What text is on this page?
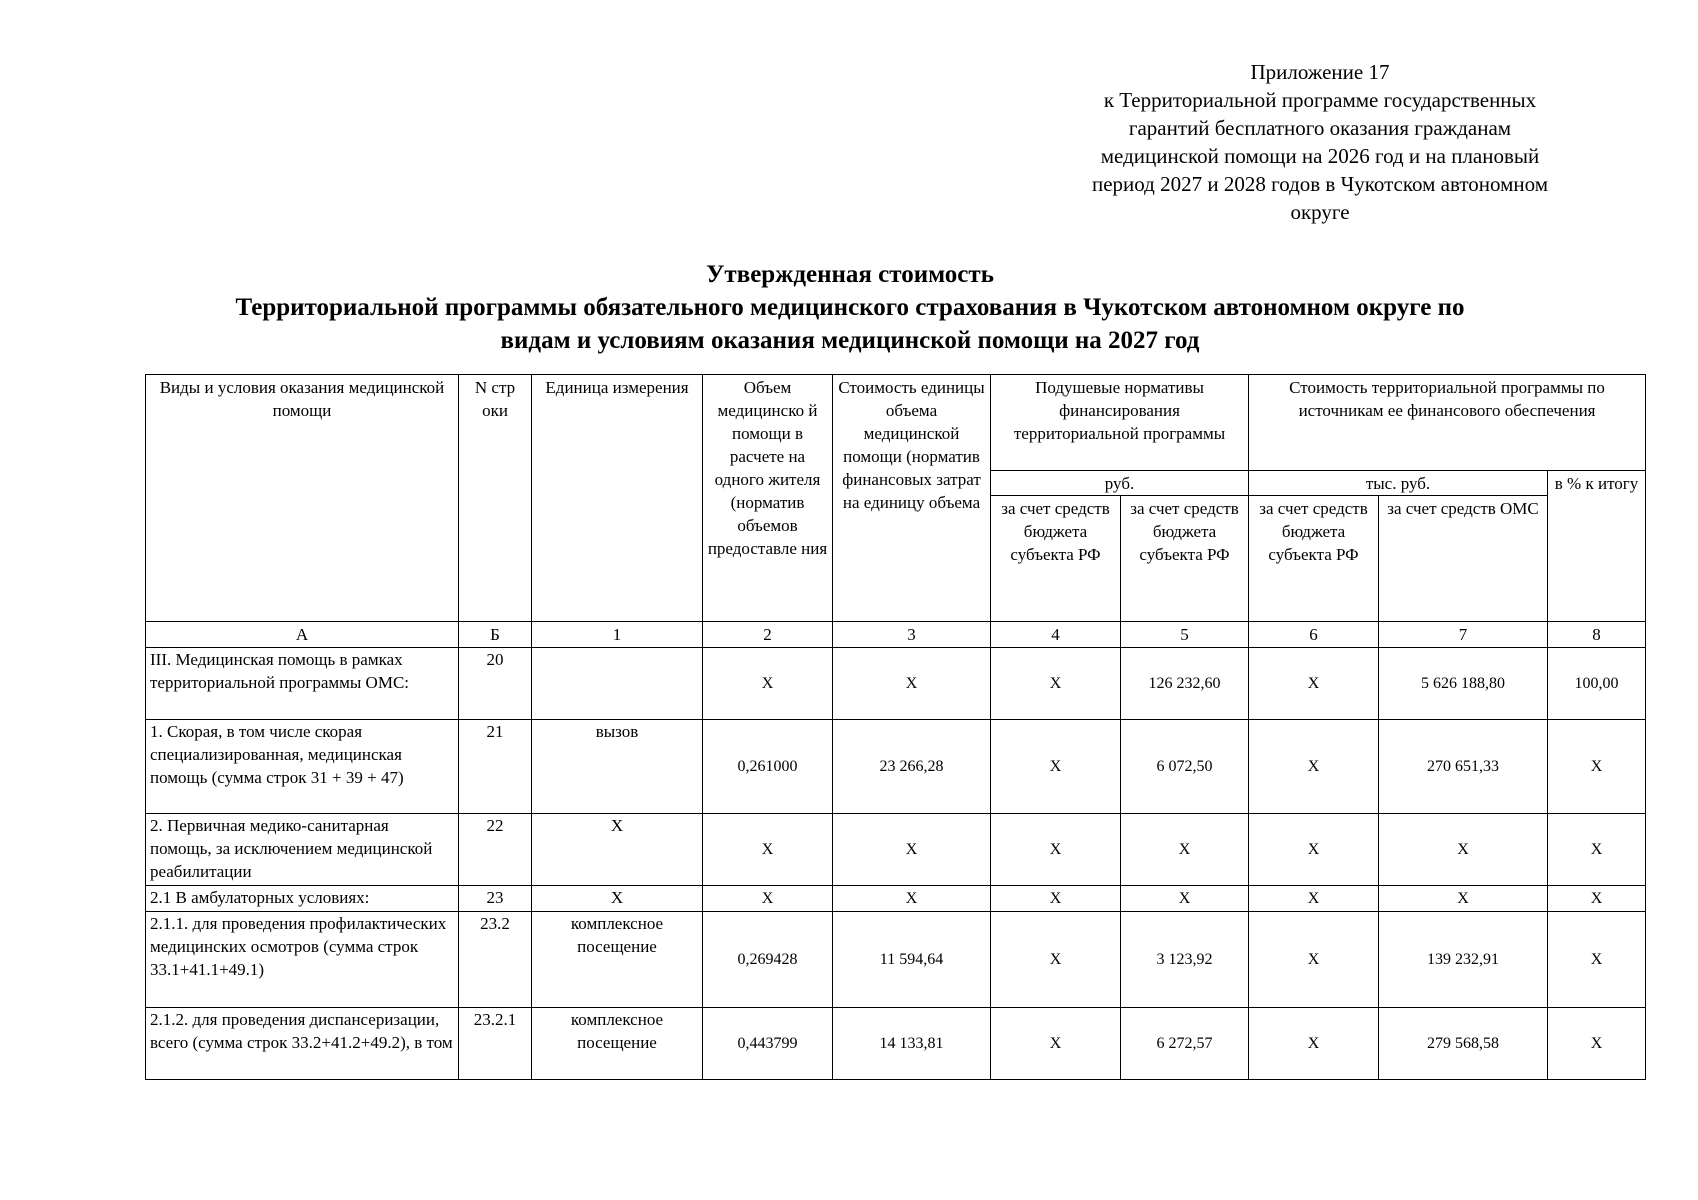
Приложение 17
к Территориальной программе государственных
гарантий бесплатного оказания гражданам
медицинской помощи на 2026 год и на плановый
период 2027 и 2028 годов в Чукотском автономном
округе
Утвержденная стоимость
Территориальной программы обязательного медицинского страхования в Чукотском автономном округе по
видам и условиям оказания медицинской помощи на 2027 год
Виды и условия оказания медицинской помощи	N стр оки	Единица измерения	Объем медицинско й помощи в расчете на одного жителя (норматив объемов предоставле ния	Стоимость единицы объема медицинской помощи (норматив финансовых затрат на единицу объема	Подушевые нормативы финансирования территориальной программы		Стоимость территориальной программы по источникам ее финансового обеспечения		
					руб.		тыс. руб.		в % к итогу
					за счет средств бюджета субъекта РФ	за счет средств бюджета субъекта РФ	за счет средств бюджета субъекта РФ	за счет средств ОМС	
А	Б	1	2	3	4	5	6	7	8
III. Медицинская помощь в рамках территориальной программы ОМС:	20		Х	Х	Х	126 232,60	Х	5 626 188,80	100,00
1. Скорая, в том числе скорая специализированная, медицинская помощь (сумма строк 31 + 39 + 47)	21	вызов	0,261000	23 266,28	Х	6 072,50	Х	270 651,33	Х
2. Первичная медико-санитарная помощь, за исключением медицинской реабилитации	22	Х	Х	Х	Х	Х	Х	Х	Х
2.1 В амбулаторных условиях:	23	Х	Х	Х	Х	Х	Х	Х	Х
2.1.1. для проведения профилактических медицинских осмотров (сумма строк 33.1+41.1+49.1)	23.2	комплексное посещение	0,269428	11 594,64	Х	3 123,92	Х	139 232,91	Х
2.1.2. для проведения диспансеризации, всего (сумма строк 33.2+41.2+49.2), в том	23.2.1	комплексное посещение	0,443799	14 133,81	Х	6 272,57	Х	279 568,58	Х
